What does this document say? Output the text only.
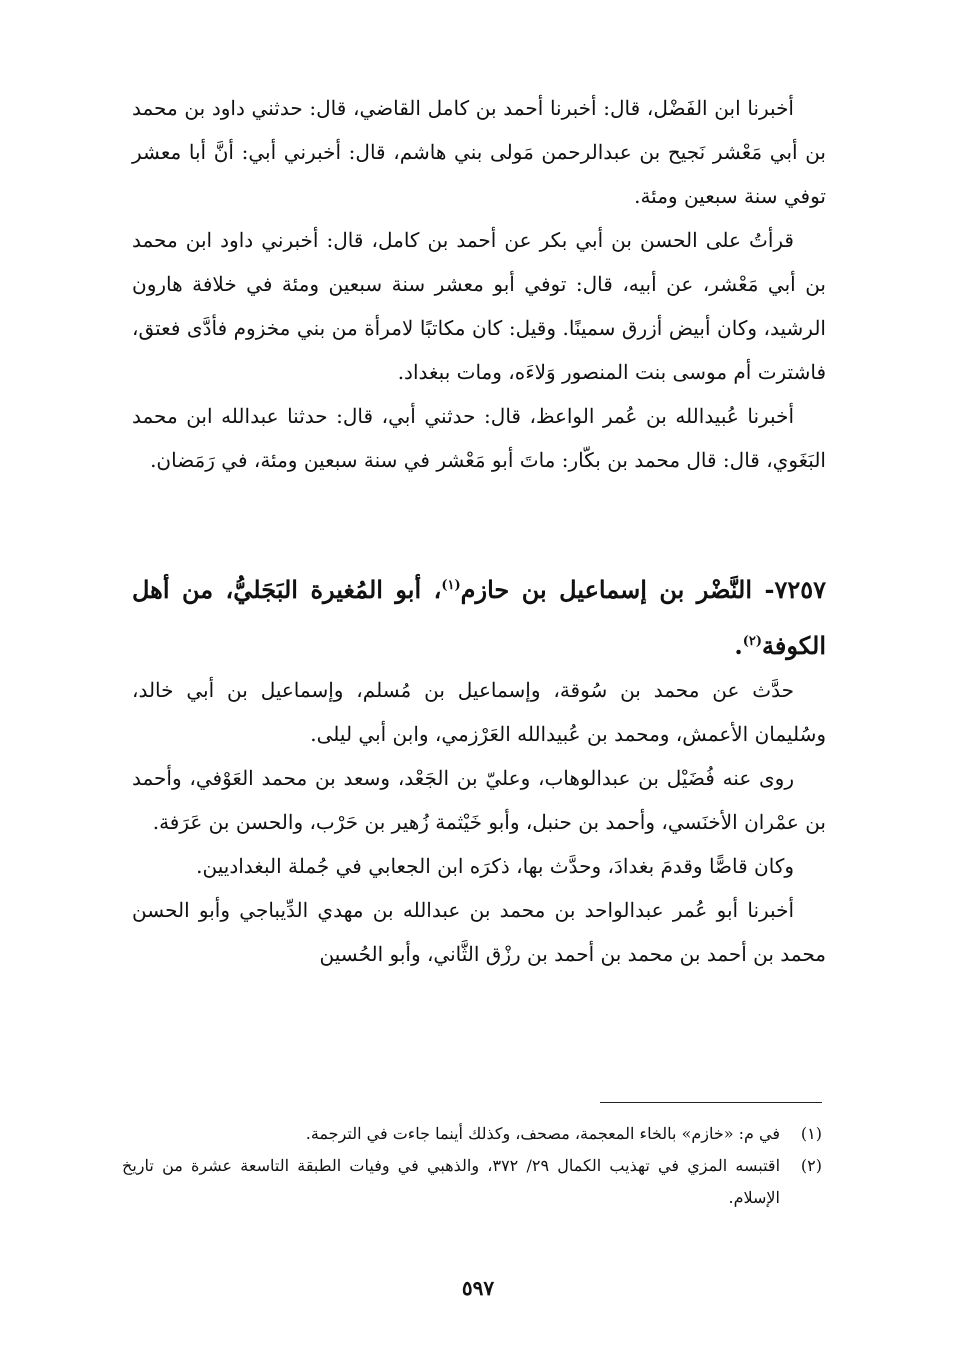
أخبرنا ابن الفَضْل، قال: أخبرنا أحمد بن كامل القاضي، قال: حدثني داود بن محمد بن أبي مَعْشر نَجيح بن عبدالرحمن مَولى بني هاشم، قال: أخبرني أبي: أنَّ أبا معشر توفي سنة سبعين ومئة.

قرأتُ على الحسن بن أبي بكر عن أحمد بن كامل، قال: أخبرني داود ابن محمد بن أبي مَعْشر، عن أبيه، قال: توفي أبو معشر سنة سبعين ومئة في خلافة هارون الرشيد، وكان أبيض أزرق سمينًا. وقيل: كان مكاتبًا لامرأة من بني مخزوم فأدَّى فعتق، فاشترت أم موسى بنت المنصور وَلاءَه، ومات ببغداد.

أخبرنا عُبيدالله بن عُمر الواعظ، قال: حدثني أبي، قال: حدثنا عبدالله ابن محمد البَغَوي، قال: قال محمد بن بكّار: ماتَ أبو مَعْشر في سنة سبعين ومئة، في رَمَضان.

٧٢٥٧- النَّضْر بن إسماعيل بن حازم$^{(١)}$، أبو المُغيرة البَجَليُّ، من أهل الكوفة$^{(٢)}$.

حدَّث عن محمد بن سُوقة، وإسماعيل بن مُسلم، وإسماعيل بن أبي خالد، وسُليمان الأعمش، ومحمد بن عُبيدالله العَرْزمي، وابن أبي ليلى.

روى عنه فُضَيْل بن عبدالوهاب، وعليّ بن الجَعْد، وسعد بن محمد العَوْفي، وأحمد بن عمْران الأخنَسي، وأحمد بن حنبل، وأبو خَيْثمة زُهير بن حَرْب، والحسن بن عَرَفة.

وكان قاصًّا وقدمَ بغدادَ، وحدَّث بها، ذكرَه ابن الجعابي في جُملة البغداديين.

أخبرنا أبو عُمر عبدالواحد بن محمد بن عبدالله بن مهدي الدِّيباجي وأبو الحسن محمد بن أحمد بن محمد بن أحمد بن رزْق الثَّاني، وأبو الحُسين

(١)
في م: «خازم» بالخاء المعجمة، مصحف، وكذلك أينما جاءت في الترجمة.

(٢)
اقتبسه المزي في تهذيب الكمال ٢٩/ ٣٧٢، والذهبي في وفيات الطبقة التاسعة عشرة من تاريخ الإسلام.

٥٩٧
